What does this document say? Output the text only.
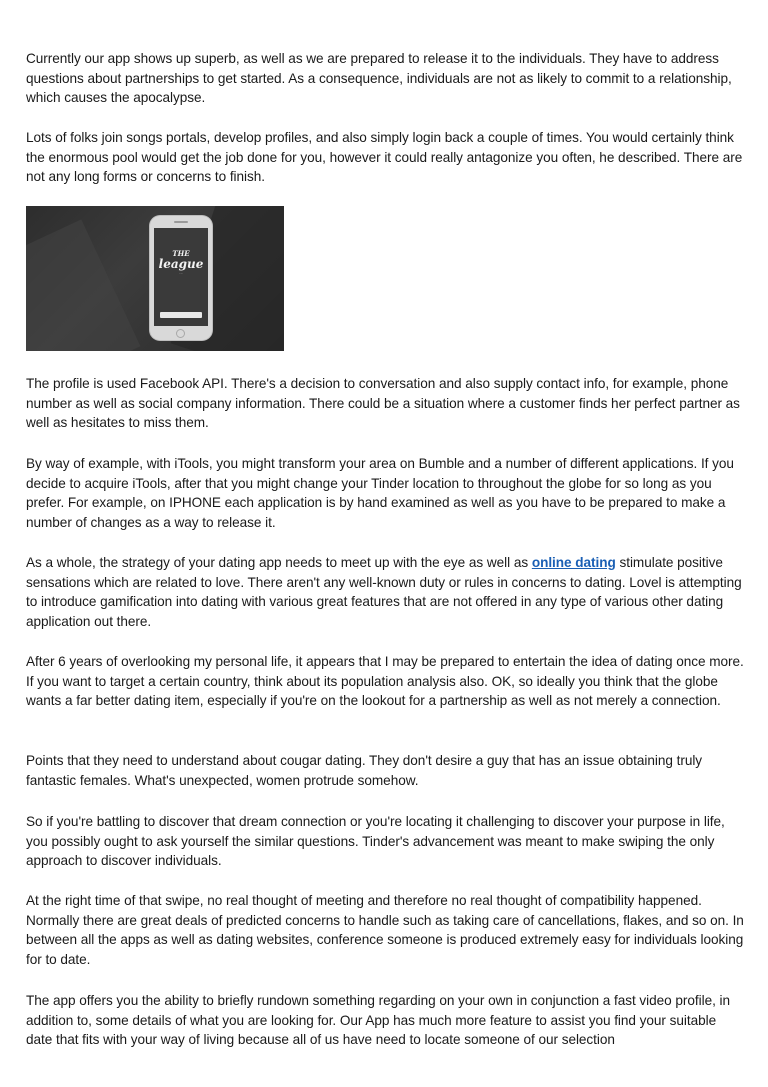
Currently our app shows up superb, as well as we are prepared to release it to the individuals. They have to address questions about partnerships to get started. As a consequence, individuals are not as likely to commit to a relationship, which causes the apocalypse.

Lots of folks join songs portals, develop profiles, and also simply login back a couple of times. You would certainly think the enormous pool would get the job done for you, however it could really antagonize you often, he described. There are not any long forms or concerns to finish.

THE
league
...

The profile is used Facebook API. There's a decision to conversation and also supply contact info, for example, phone number as well as social company information. There could be a situation where a customer finds her perfect partner as well as hesitates to miss them.

By way of example, with iTools, you might transform your area on Bumble and a number of different applications. If you decide to acquire iTools, after that you might change your Tinder location to throughout the globe for so long as you prefer. For example, on IPHONE each application is by hand examined as well as you have to be prepared to make a number of changes as a way to release it.

As a whole, the strategy of your dating app needs to meet up with the eye as well as online dating stimulate positive sensations which are related to love. There aren't any well-known duty or rules in concerns to dating. Lovel is attempting to introduce gamification into dating with various great features that are not offered in any type of various other dating application out there.

After 6 years of overlooking my personal life, it appears that I may be prepared to entertain the idea of dating once more. If you want to target a certain country, think about its population analysis also. OK, so ideally you think that the globe wants a far better dating item, especially if you're on the lookout for a partnership as well as not merely a connection.

Points that they need to understand about cougar dating. They don't desire a guy that has an issue obtaining truly fantastic females. What's unexpected, women protrude somehow.

So if you're battling to discover that dream connection or you're locating it challenging to discover your purpose in life, you possibly ought to ask yourself the similar questions. Tinder's advancement was meant to make swiping the only approach to discover individuals.

At the right time of that swipe, no real thought of meeting and therefore no real thought of compatibility happened. Normally there are great deals of predicted concerns to handle such as taking care of cancellations, flakes, and so on. In between all the apps as well as dating websites, conference someone is produced extremely easy for individuals looking for to date.

The app offers you the ability to briefly rundown something regarding on your own in conjunction a fast video profile, in addition to, some details of what you are looking for. Our App has much more feature to assist you find your suitable date that fits with your way of living because all of us have need to locate someone of our selection
